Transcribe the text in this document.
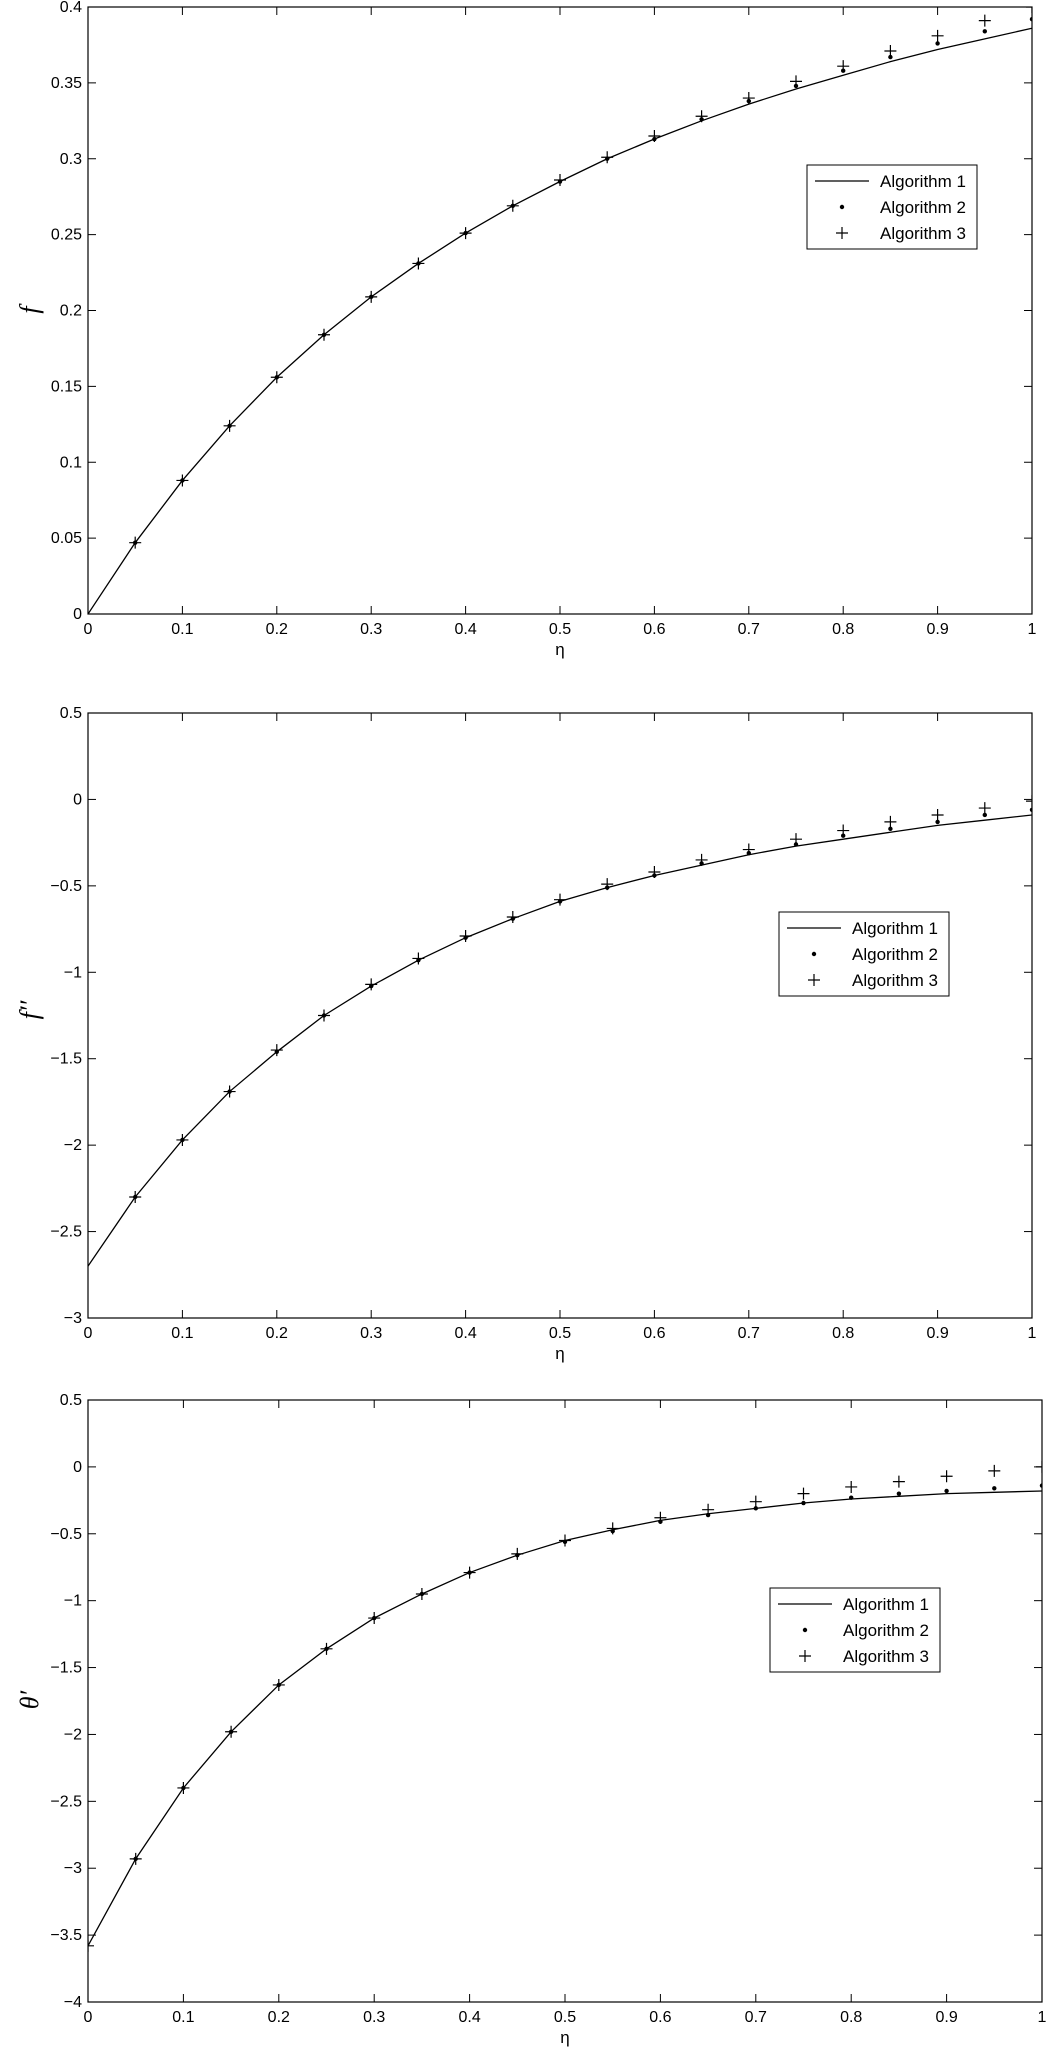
0	0.1	0.2	0.3	0.4	0.5	0.6	0.7	0.8	0.9	1
0
0.05
0.1
0.15
0.2
0.25
0.3
0.35
0.4
η
f
Algorithm 1
Algorithm 2
Algorithm 3
0	0.1	0.2	0.3	0.4	0.5	0.6	0.7	0.8	0.9	1
−3
−2.5
−2
−1.5
−1
−0.5
0
0.5
η
f′′
Algorithm 1
Algorithm 2
Algorithm 3
0	0.1	0.2	0.3	0.4	0.5	0.6	0.7	0.8	0.9	1
−4
−3.5
−3
−2.5
−2
−1.5
−1
−0.5
0
0.5
η
θ′
Algorithm 1
Algorithm 2
Algorithm 3
